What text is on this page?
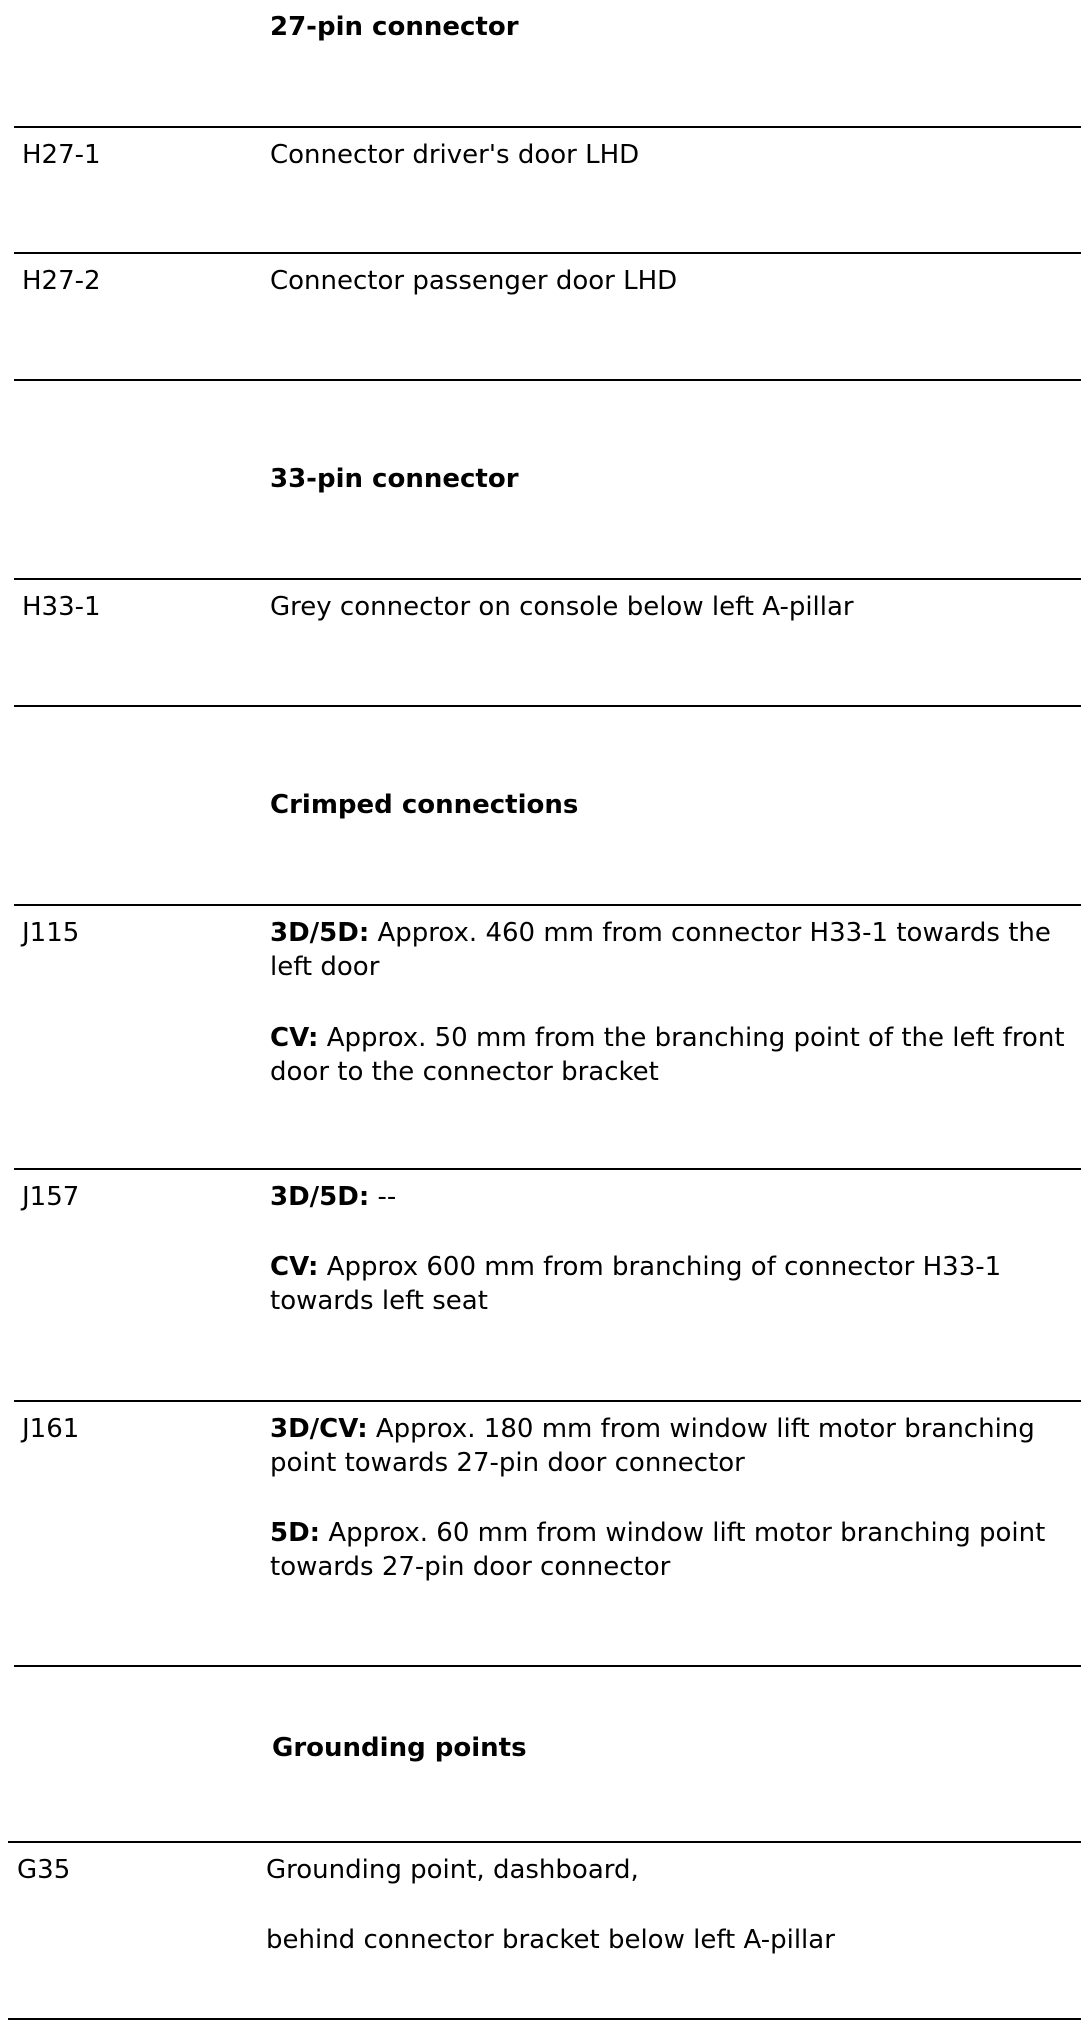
27-pin connector
H27-1	Connector driver's door LHD
H27-2	Connector passenger door LHD
33-pin connector
H33-1	Grey connector on console below left A-pillar
Crimped connections
J115	3D/5D: Approx. 460 mm from connector H33-1 towards the left door

CV: Approx. 50 mm from the branching point of the left front door to the connector bracket

J157	3D/5D: --

CV: Approx 600 mm from branching of connector H33-1 towards left seat

J161	3D/CV: Approx. 180 mm from window lift motor branching point towards 27-pin door connector

5D: Approx. 60 mm from window lift motor branching point towards 27-pin door connector

Grounding points
G35	Grounding point, dashboard,

behind connector bracket below left A-pillar
